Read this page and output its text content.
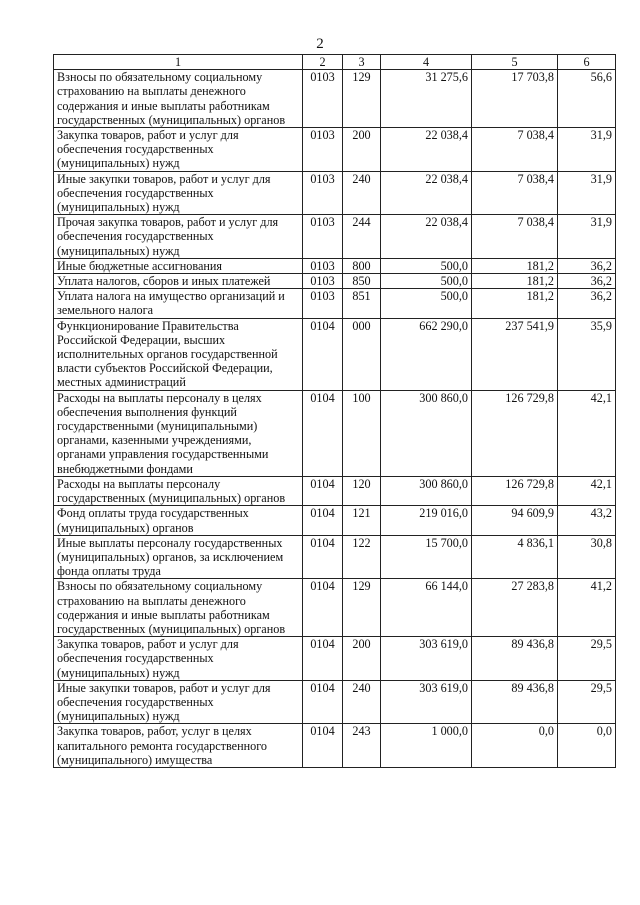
2
1	2	3	4	5	6
Взносы по обязательному социальному страхованию на выплаты денежного содержания и иные выплаты работникам государственных (муниципальных) органов	0103	129	31 275,6	17 703,8	56,6
Закупка товаров, работ и услуг для обеспечения государственных (муниципальных) нужд	0103	200	22 038,4	7 038,4	31,9
Иные закупки товаров, работ и услуг для обеспечения государственных (муниципальных) нужд	0103	240	22 038,4	7 038,4	31,9
Прочая закупка товаров, работ и услуг для обеспечения государственных (муниципальных) нужд	0103	244	22 038,4	7 038,4	31,9
Иные бюджетные ассигнования	0103	800	500,0	181,2	36,2
Уплата налогов, сборов и иных платежей	0103	850	500,0	181,2	36,2
Уплата налога на имущество организаций и земельного налога	0103	851	500,0	181,2	36,2
Функционирование Правительства Российской Федерации, высших исполнительных органов государственной власти субъектов Российской Федерации, местных администраций	0104	000	662 290,0	237 541,9	35,9
Расходы на выплаты персоналу в целях обеспечения выполнения функций государственными (муниципальными) органами, казенными учреждениями, органами управления государственными внебюджетными фондами	0104	100	300 860,0	126 729,8	42,1
Расходы на выплаты персоналу государственных (муниципальных) органов	0104	120	300 860,0	126 729,8	42,1
Фонд оплаты труда государственных (муниципальных) органов	0104	121	219 016,0	94 609,9	43,2
Иные выплаты персоналу государственных (муниципальных) органов, за исключением фонда оплаты труда	0104	122	15 700,0	4 836,1	30,8
Взносы по обязательному социальному страхованию на выплаты денежного содержания и иные выплаты работникам государственных (муниципальных) органов	0104	129	66 144,0	27 283,8	41,2
Закупка товаров, работ и услуг для обеспечения государственных (муниципальных) нужд	0104	200	303 619,0	89 436,8	29,5
Иные закупки товаров, работ и услуг для обеспечения государственных (муниципальных) нужд	0104	240	303 619,0	89 436,8	29,5
Закупка товаров, работ, услуг в целях капитального ремонта государственного (муниципального) имущества	0104	243	1 000,0	0,0	0,0
